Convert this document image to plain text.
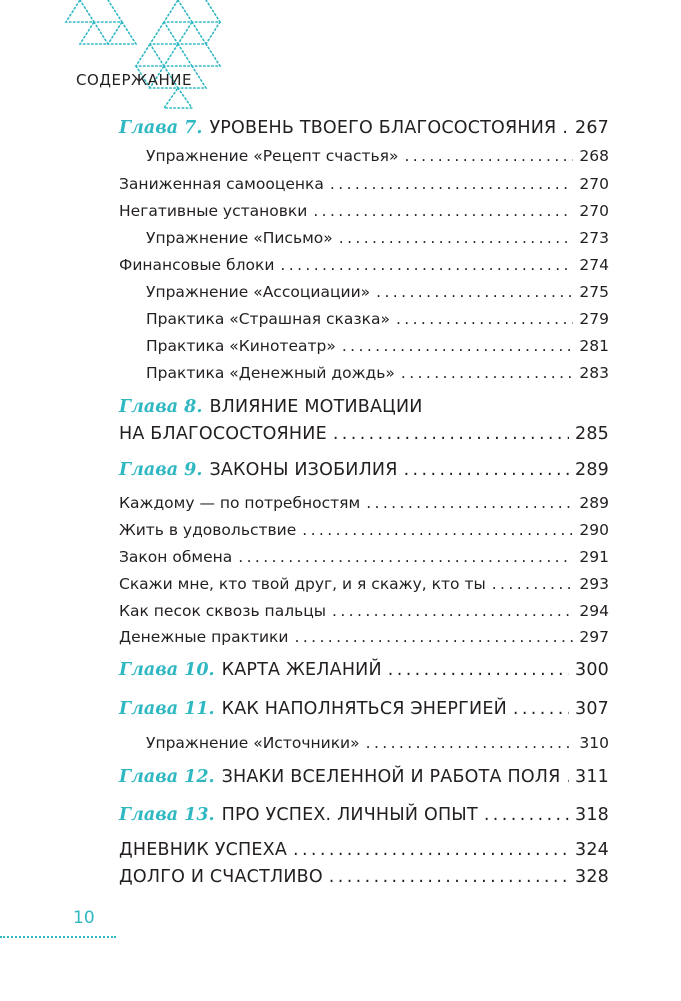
СОДЕРЖАНИЕ
Глава 7. УРОВЕНЬ ТВОЕГО БЛАГОСОСТОЯНИЯ ..... 267
Упражнение «Рецепт счастья» .....	268
Заниженная самооценка .....	270
Негативные установки .....	270
Упражнение «Письмо» .....	273
Финансовые блоки .....	274
Упражнение «Ассоциации» .....	275
Практика «Страшная сказка» .....	279
Практика «Кинотеатр» .....	281
Практика «Денежный дождь» .....	283
Глава 8. ВЛИЯНИЕ МОТИВАЦИИ
НА БЛАГОСОСТОЯНИЕ .....	285
Глава 9. ЗАКОНЫ ИЗОБИЛИЯ .....	289
Каждому — по потребностям .....	289
Жить в удовольствие .....	290
Закон обмена .....	291
Скажи мне, кто твой друг, и я скажу, кто ты .....	293
Как песок сквозь пальцы .....	294
Денежные практики .....	297
Глава 10. КАРТА ЖЕЛАНИЙ .....	300
Глава 11. КАК НАПОЛНЯТЬСЯ ЭНЕРГИЕЙ .....	307
Упражнение «Источники» .....	310
Глава 12. ЗНАКИ ВСЕЛЕННОЙ И РАБОТА ПОЛЯ ..... 311
Глава 13. ПРО УСПЕХ. ЛИЧНЫЙ ОПЫТ .....	318
ДНЕВНИК УСПЕХА .....	324
ДОЛГО И СЧАСТЛИВО .....	328
10
